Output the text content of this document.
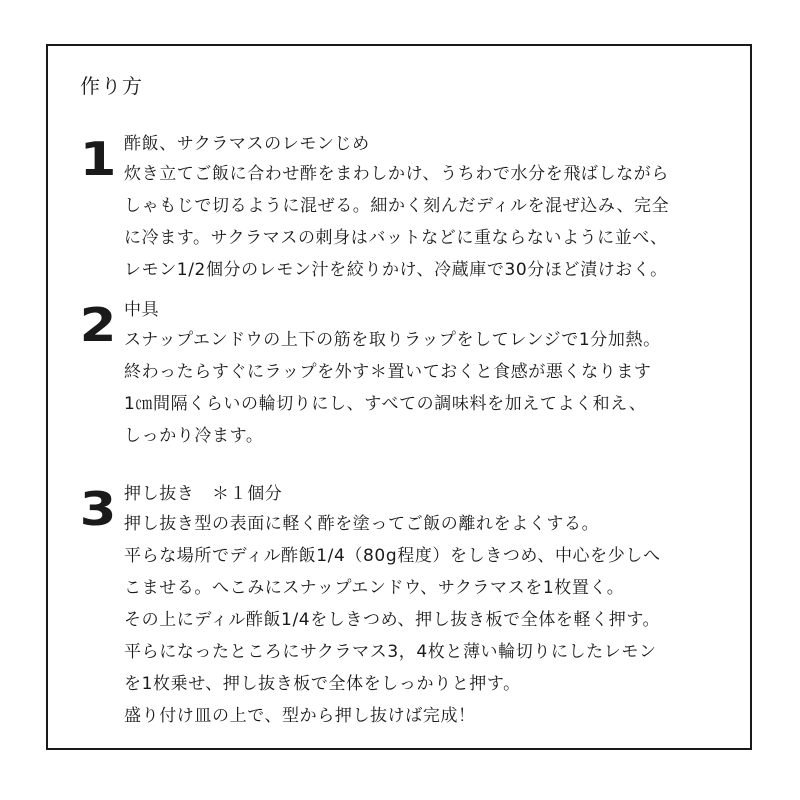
作り方
1 酢飯、サクラマスのレモンじめ
炊き立てご飯に合わせ酢をまわしかけ、うちわで水分を飛ばしながら
しゃもじで切るように混ぜる。細かく刻んだディルを混ぜ込み、完全
に冷ます。サクラマスの刺身はバットなどに重ならないように並べ、
レモン1/2個分のレモン汁を絞りかけ、冷蔵庫で30分ほど漬けおく。
2 中具
スナップエンドウの上下の筋を取りラップをしてレンジで1分加熱。
終わったらすぐにラップを外す＊置いておくと食感が悪くなります
1㎝間隔くらいの輪切りにし、すべての調味料を加えてよく和え、
しっかり冷ます。
3 押し抜き　＊１個分
押し抜き型の表面に軽く酢を塗ってご飯の離れをよくする。
平らな場所でディル酢飯1/4（80g程度）をしきつめ、中心を少しへ
こませる。へこみにスナップエンドウ、サクラマスを1枚置く。
その上にディル酢飯1/4をしきつめ、押し抜き板で全体を軽く押す。
平らになったところにサクラマス3，4枚と薄い輪切りにしたレモン
を1枚乗せ、押し抜き板で全体をしっかりと押す。
盛り付け皿の上で、型から押し抜けば完成！
